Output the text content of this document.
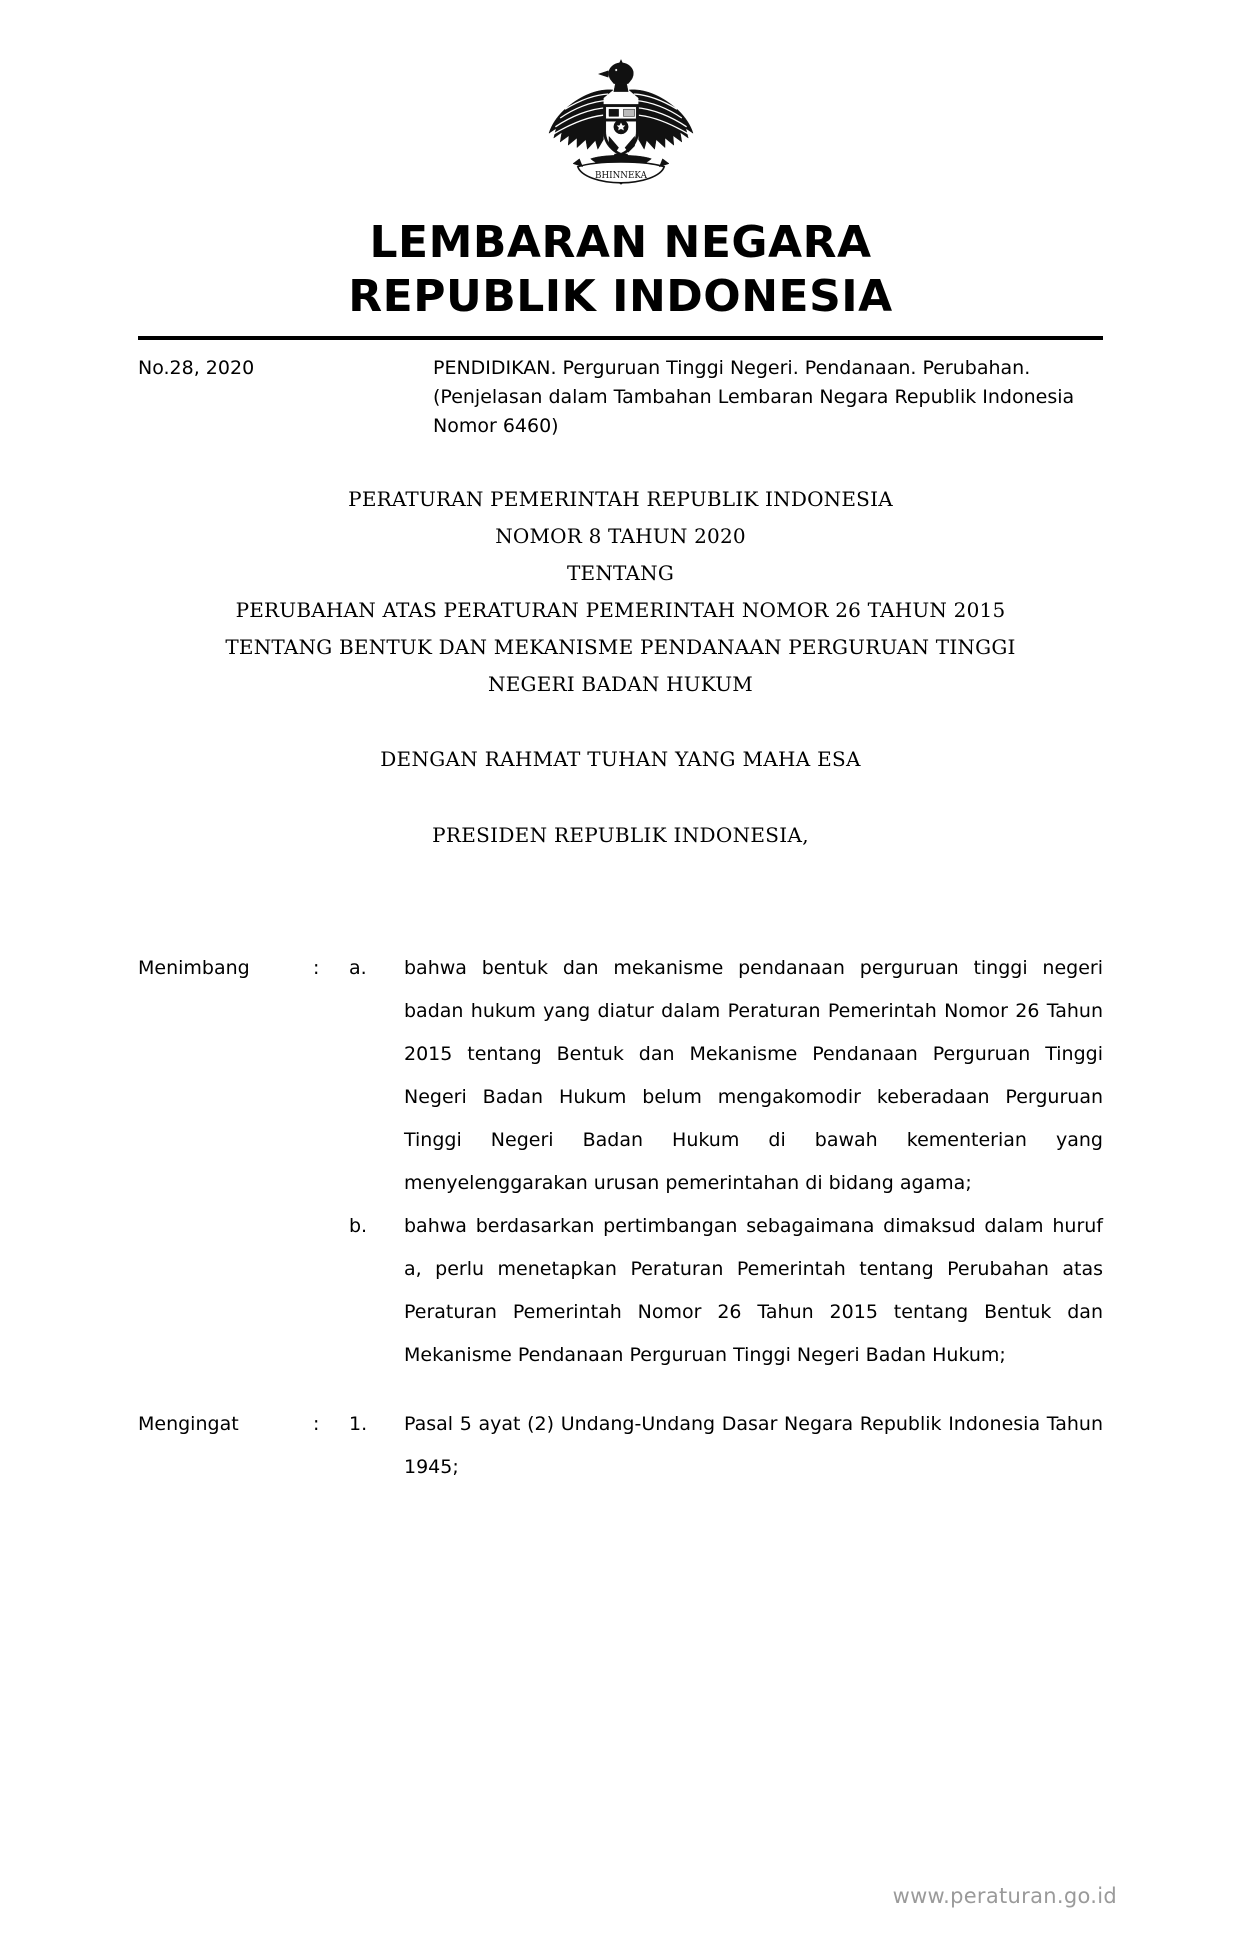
BHINNEKA
LEMBARAN NEGARA
REPUBLIK INDONESIA
No.28, 2020	PENDIDIKAN. Perguruan Tinggi Negeri. Pendanaan. Perubahan. (Penjelasan dalam Tambahan Lembaran Negara Republik Indonesia Nomor 6460)
PERATURAN PEMERINTAH REPUBLIK INDONESIA
NOMOR 8 TAHUN 2020
TENTANG
PERUBAHAN ATAS PERATURAN PEMERINTAH NOMOR 26 TAHUN 2015
TENTANG BENTUK DAN MEKANISME PENDANAAN PERGURUAN TINGGI
NEGERI BADAN HUKUM
DENGAN RAHMAT TUHAN YANG MAHA ESA
PRESIDEN REPUBLIK INDONESIA,
Menimbang	:	a.	bahwa bentuk dan mekanisme pendanaan perguruan tinggi negeri badan hukum yang diatur dalam Peraturan Pemerintah Nomor 26 Tahun 2015 tentang Bentuk dan Mekanisme Pendanaan Perguruan Tinggi Negeri Badan Hukum belum mengakomodir keberadaan Perguruan Tinggi Negeri Badan Hukum di bawah kementerian yang menyelenggarakan urusan pemerintahan di bidang agama;
b.	bahwa berdasarkan pertimbangan sebagaimana dimaksud dalam huruf a, perlu menetapkan Peraturan Pemerintah tentang Perubahan atas Peraturan Pemerintah Nomor 26 Tahun 2015 tentang Bentuk dan Mekanisme Pendanaan Perguruan Tinggi Negeri Badan Hukum;
Mengingat	:	1.	Pasal 5 ayat (2) Undang-Undang Dasar Negara Republik Indonesia Tahun 1945;
www.peraturan.go.id
